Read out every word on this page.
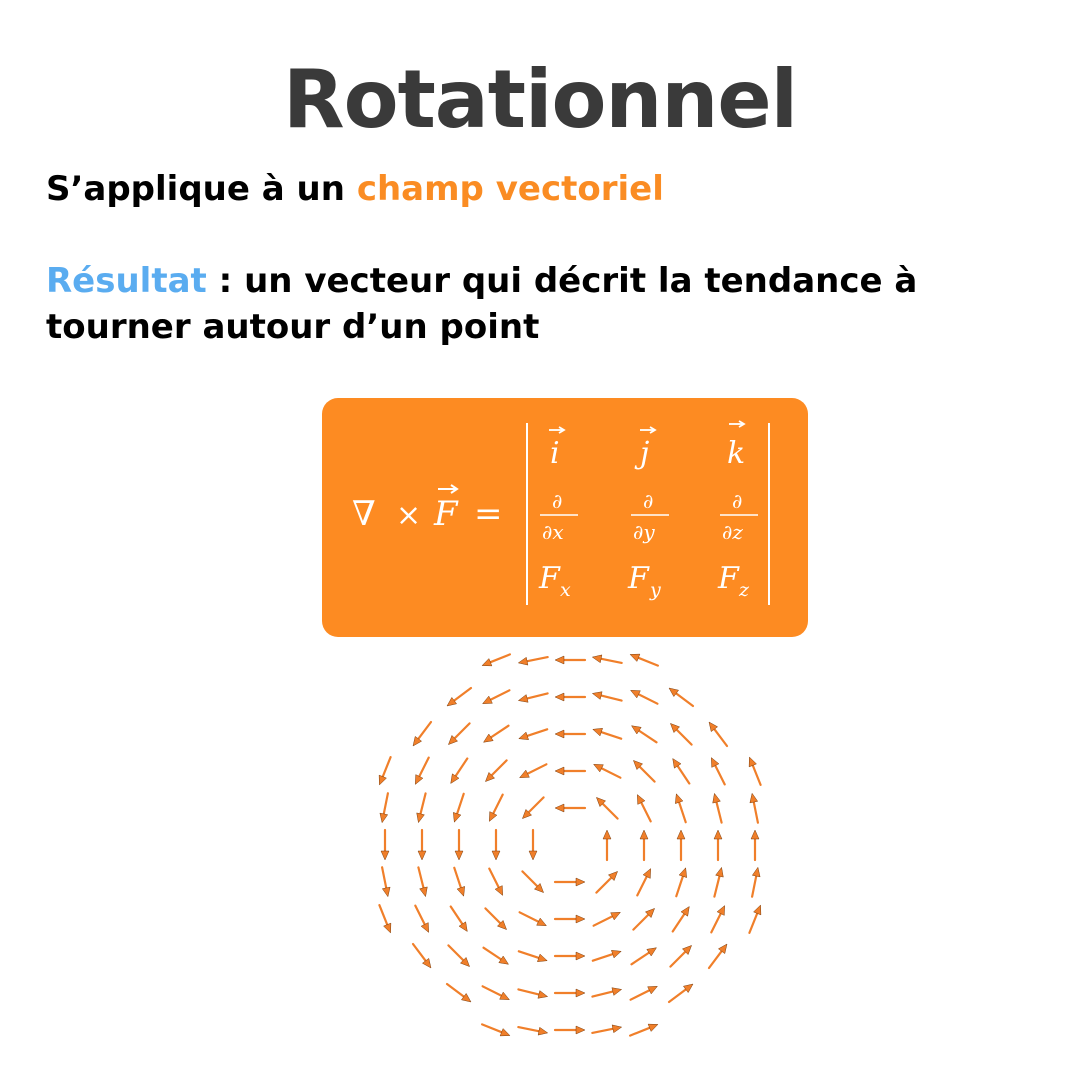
Rotationnel
S’applique à un champ vectoriel
Résultat : un vecteur qui décrit la tendance à
tourner autour d’un point
∇ × F =
i	j	k
∂
∂x
∂
∂y
∂
∂z
F x F y F z
